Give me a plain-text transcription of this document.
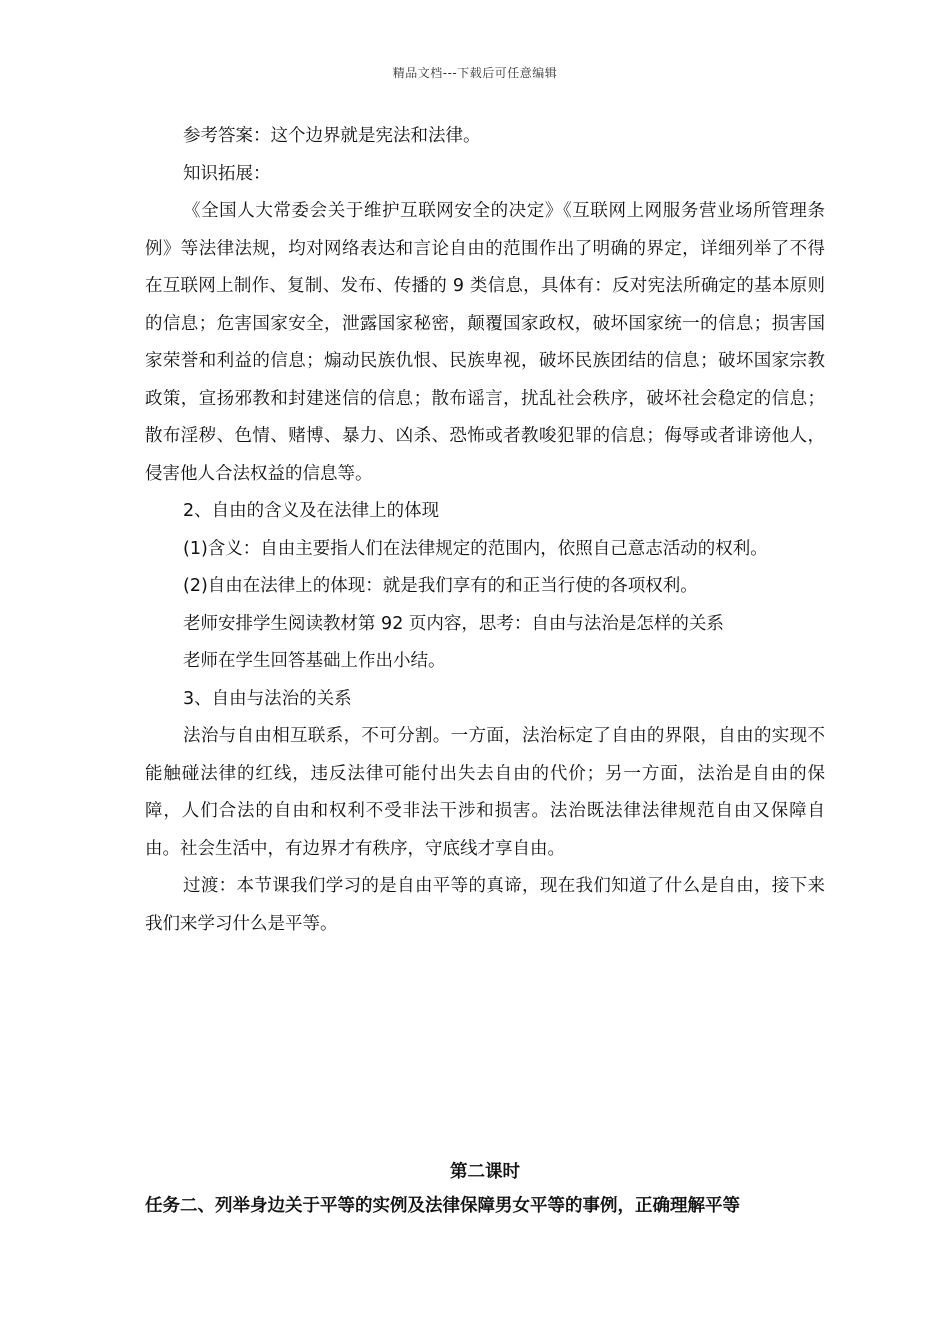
精品文档---下载后可任意编辑

参考答案：这个边界就是宪法和法律。

知识拓展：

《全国人大常委会关于维护互联网安全的决定》《互联网上网服务营业场所管理条例》等法律法规，均对网络表达和言论自由的范围作出了明确的界定，详细列举了不得在互联网上制作、复制、发布、传播的 9 类信息，具体有：反对宪法所确定的基本原则的信息；危害国家安全，泄露国家秘密，颠覆国家政权，破坏国家统一的信息；损害国家荣誉和利益的信息；煽动民族仇恨、民族卑视，破坏民族团结的信息；破坏国家宗教政策，宣扬邪教和封建迷信的信息；散布谣言，扰乱社会秩序，破坏社会稳定的信息；散布淫秽、色情、赌博、暴力、凶杀、恐怖或者教唆犯罪的信息；侮辱或者诽谤他人，侵害他人合法权益的信息等。

2、自由的含义及在法律上的体现

(1)含义：自由主要指人们在法律规定的范围内，依照自己意志活动的权利。

(2)自由在法律上的体现：就是我们享有的和正当行使的各项权利。

老师安排学生阅读教材第 92 页内容，思考：自由与法治是怎样的关系

老师在学生回答基础上作出小结。

3、自由与法治的关系

法治与自由相互联系，不可分割。一方面，法治标定了自由的界限，自由的实现不能触碰法律的红线，违反法律可能付出失去自由的代价；另一方面，法治是自由的保障，人们合法的自由和权利不受非法干涉和损害。法治既法律法律规范自由又保障自由。社会生活中，有边界才有秩序，守底线才享自由。

过渡：本节课我们学习的是自由平等的真谛，现在我们知道了什么是自由，接下来我们来学习什么是平等。

第二课时
任务二、列举身边关于平等的实例及法律保障男女平等的事例，正确理解平等
